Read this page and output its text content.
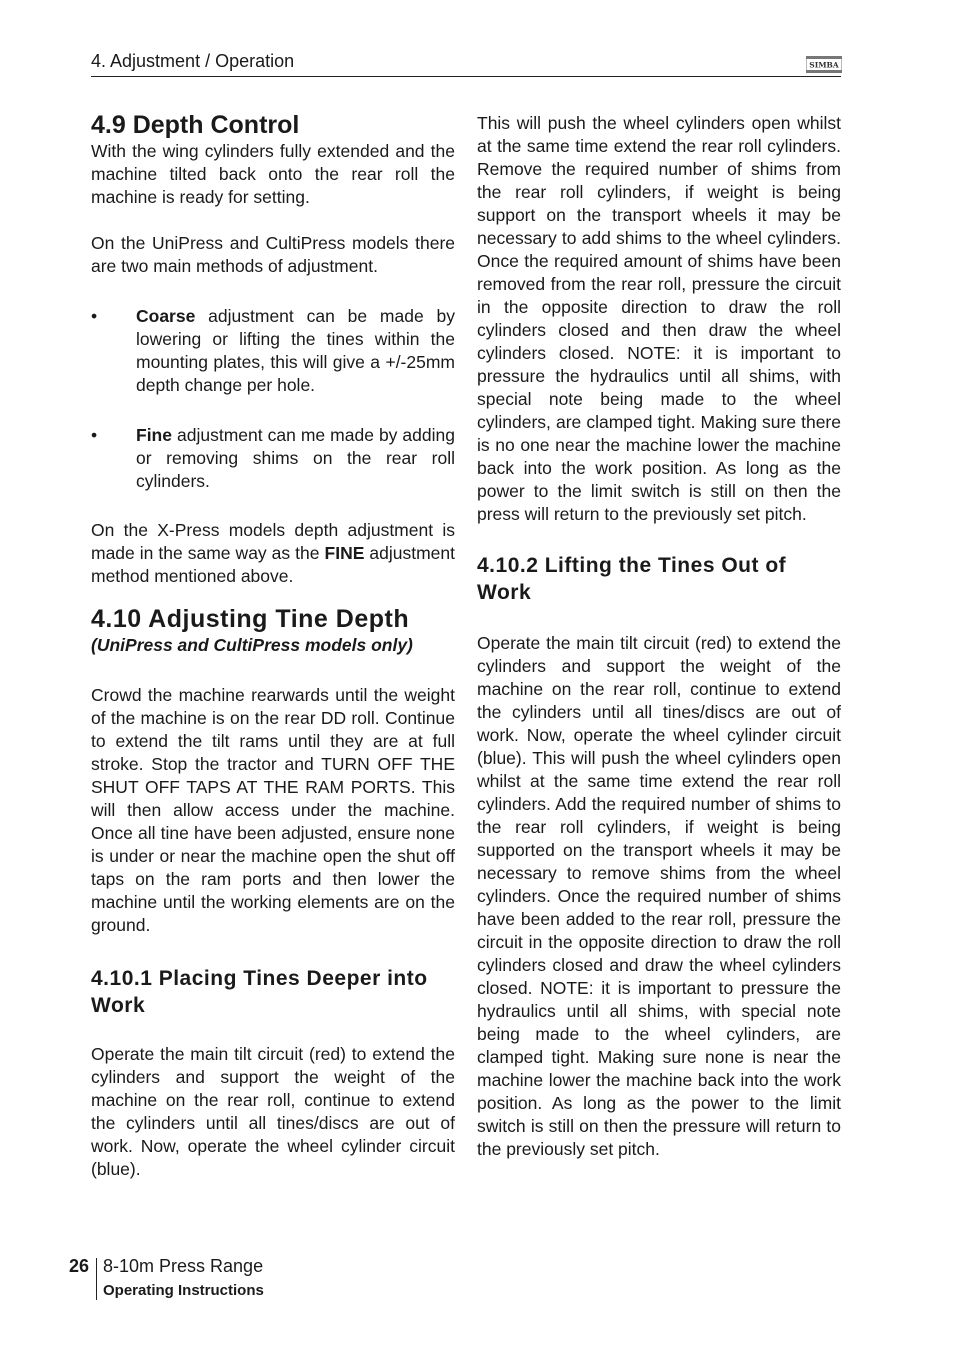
4. Adjustment / Operation	SIMBA
4.9 Depth Control

With the wing cylinders fully extended and the machine tilted back onto the rear roll the machine is ready for setting.

On the UniPress and CultiPress models there are two main methods of adjustment.

• Coarse adjustment can be made by lowering or lifting the tines within the mounting plates, this will give a +/-25mm depth change per hole.

• Fine adjustment can me made by adding or removing shims on the rear roll cylinders.

On the X-Press models depth adjustment is made in the same way as the FINE adjustment method mentioned above.

4.10 Adjusting Tine Depth

(UniPress and CultiPress models only)

Crowd the machine rearwards until the weight of the machine is on the rear DD roll. Continue to extend the tilt rams until they are at full stroke. Stop the tractor and TURN OFF THE SHUT OFF TAPS AT THE RAM PORTS. This will then allow access under the machine. Once all tine have been adjusted, ensure none is under or near the machine open the shut off taps on the ram ports and then lower the machine until the working elements are on the ground.

4.10.1 Placing Tines Deeper into Work

Operate the main tilt circuit (red) to extend the cylinders and support the weight of the machine on the rear roll, continue to extend the cylinders until all tines/discs are out of work. Now, operate the wheel cylinder circuit (blue).

This will push the wheel cylinders open whilst at the same time extend the rear roll cylinders. Remove the required number of shims from the rear roll cylinders, if weight is being support on the transport wheels it may be necessary to add shims to the wheel cylinders. Once the required amount of shims have been removed from the rear roll, pressure the circuit in the opposite direction to draw the roll cylinders closed and then draw the wheel cylinders closed. NOTE: it is important to pressure the hydraulics until all shims, with special note being made to the wheel cylinders, are clamped tight. Making sure there is no one near the machine lower the machine back into the work position. As long as the power to the limit switch is still on then the press will return to the previously set pitch.

4.10.2 Lifting the Tines Out of Work

Operate the main tilt circuit (red) to extend the cylinders and support the weight of the machine on the rear roll, continue to extend the cylinders until all tines/discs are out of work. Now, operate the wheel cylinder circuit (blue). This will push the wheel cylinders open whilst at the same time extend the rear roll cylinders. Add the required number of shims to the rear roll cylinders, if weight is being supported on the transport wheels it may be necessary to remove shims from the wheel cylinders. Once the required number of shims have been added to the rear roll, pressure the circuit in the opposite direction to draw the roll cylinders closed and draw the wheel cylinders closed. NOTE: it is important to pressure the hydraulics until all shims, with special note being made to the wheel cylinders, are clamped tight. Making sure none is near the machine lower the machine back into the work position. As long as the power to the limit switch is still on then the pressure will return to the previously set pitch.

26 8-10m Press Range
Operating Instructions
